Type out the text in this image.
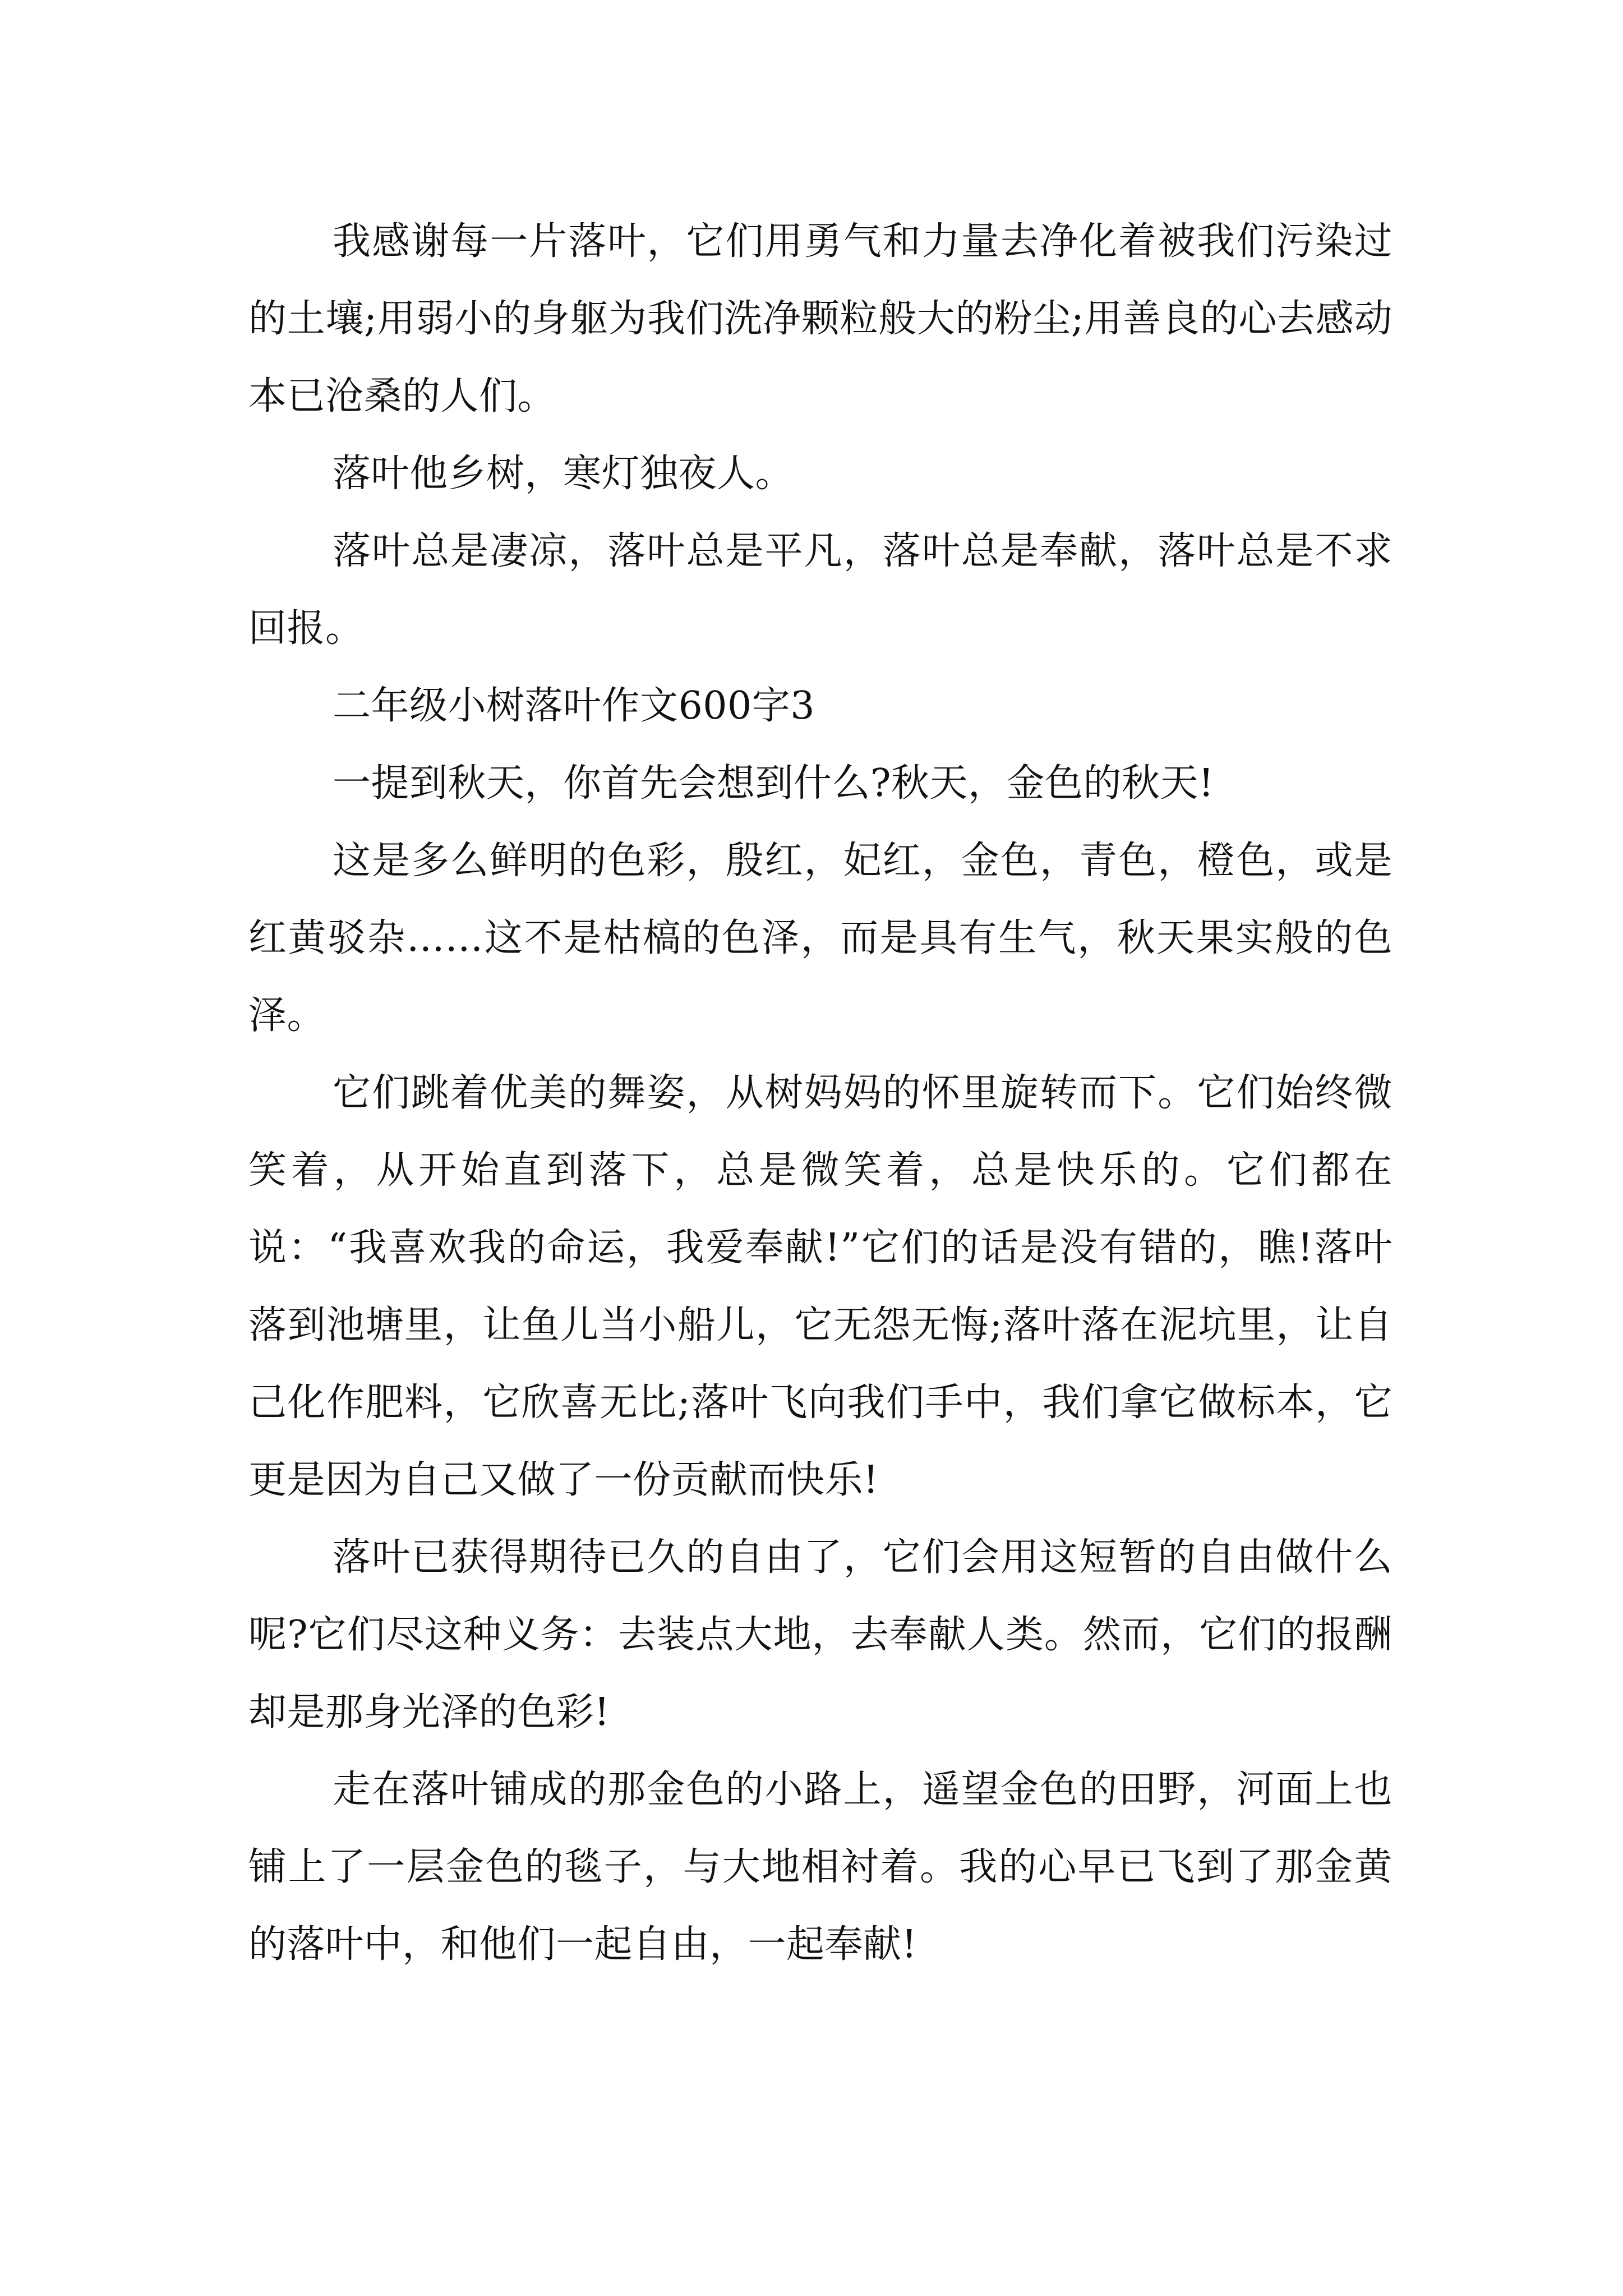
我感谢每一片落叶，它们用勇气和力量去净化着被我们污染过的土壤;用弱小的身躯为我们洗净颗粒般大的粉尘;用善良的心去感动本已沧桑的人们。

落叶他乡树，寒灯独夜人。

落叶总是凄凉，落叶总是平凡，落叶总是奉献，落叶总是不求回报。

二年级小树落叶作文600字3

一提到秋天，你首先会想到什么?秋天，金色的秋天!

这是多么鲜明的色彩，殷红，妃红，金色，青色，橙色，或是红黄驳杂……这不是枯槁的色泽，而是具有生气，秋天果实般的色泽。

它们跳着优美的舞姿，从树妈妈的怀里旋转而下。它们始终微笑着，从开始直到落下，总是微笑着，总是快乐的。它们都在说：“我喜欢我的命运，我爱奉献!”它们的话是没有错的，瞧!落叶落到池塘里，让鱼儿当小船儿，它无怨无悔;落叶落在泥坑里，让自己化作肥料，它欣喜无比;落叶飞向我们手中，我们拿它做标本，它更是因为自己又做了一份贡献而快乐!

落叶已获得期待已久的自由了，它们会用这短暂的自由做什么呢?它们尽这种义务：去装点大地，去奉献人类。然而，它们的报酬却是那身光泽的色彩!

走在落叶铺成的那金色的小路上，遥望金色的田野，河面上也铺上了一层金色的毯子，与大地相衬着。我的心早已飞到了那金黄的落叶中，和他们一起自由，一起奉献!
